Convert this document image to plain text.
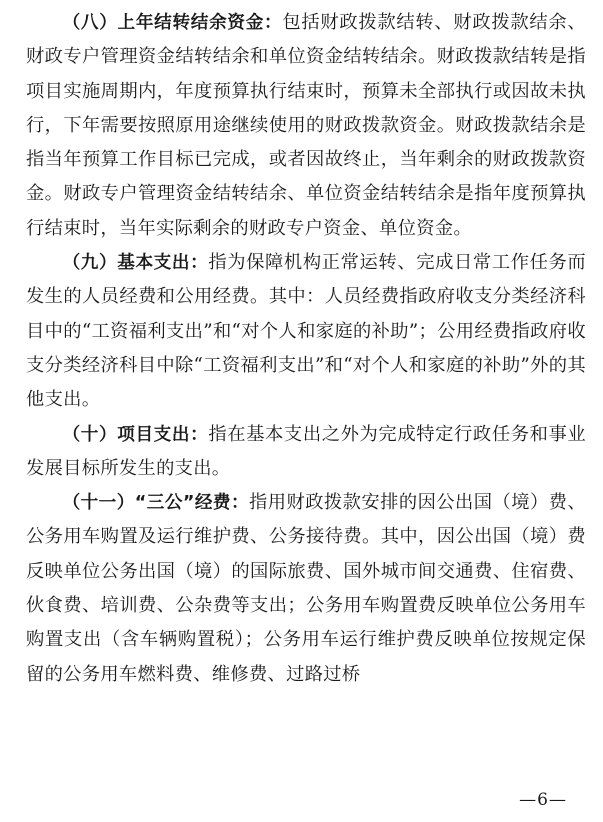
（八）上年结转结余资金：包括财政拨款结转、财政拨款结余、财政专户管理资金结转结余和单位资金结转结余。财政拨款结转是指项目实施周期内，年度预算执行结束时，预算未全部执行或因故未执行，下年需要按照原用途继续使用的财政拨款资金。财政拨款结余是指当年预算工作目标已完成，或者因故终止，当年剩余的财政拨款资金。财政专户管理资金结转结余、单位资金结转结余是指年度预算执行结束时，当年实际剩余的财政专户资金、单位资金。

（九）基本支出：指为保障机构正常运转、完成日常工作任务而发生的人员经费和公用经费。其中：人员经费指政府收支分类经济科目中的“工资福利支出”和“对个人和家庭的补助”；公用经费指政府收支分类经济科目中除“工资福利支出”和“对个人和家庭的补助”外的其他支出。

（十）项目支出：指在基本支出之外为完成特定行政任务和事业发展目标所发生的支出。

（十一）“三公”经费：指用财政拨款安排的因公出国（境）费、公务用车购置及运行维护费、公务接待费。其中，因公出国（境）费反映单位公务出国（境）的国际旅费、国外城市间交通费、住宿费、伙食费、培训费、公杂费等支出；公务用车购置费反映单位公务用车购置支出（含车辆购置税）；公务用车运行维护费反映单位按规定保留的公务用车燃料费、维修费、过路过桥

—6—
